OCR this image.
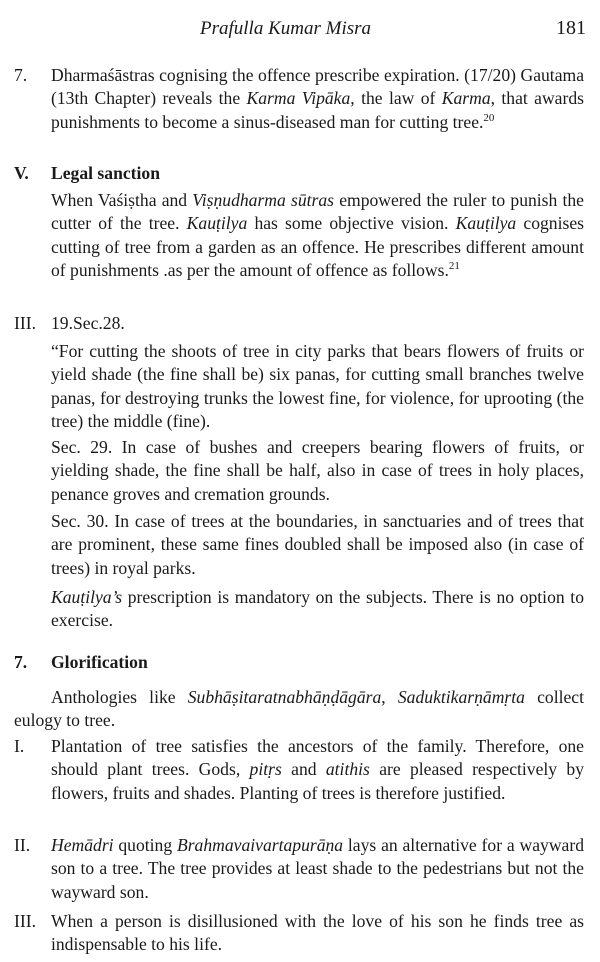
Prafulla Kumar Misra	181
7. Dharmaśāstras cognising the offence prescribe expiration. (17/20) Gautama (13th Chapter) reveals the Karma Vipāka, the law of Karma, that awards punishments to become a sinus-diseased man for cutting tree.$^{20}$
V. Legal sanction
When Vaśiṣtha and Viṣṇudharma sūtras empowered the ruler to punish the cutter of the tree. Kauṭilya has some objective vision. Kauṭilya cognises cutting of tree from a garden as an offence. He prescribes different amount of punishments .as per the amount of offence as follows.$^{21}$
III. 19.Sec.28.
“For cutting the shoots of tree in city parks that bears flowers of fruits or yield shade (the fine shall be) six panas, for cutting small branches twelve panas, for destroying trunks the lowest fine, for violence, for uprooting (the tree) the middle (fine).
Sec. 29. In case of bushes and creepers bearing flowers of fruits, or yielding shade, the fine shall be half, also in case of trees in holy places, penance groves and cremation grounds.
Sec. 30. In case of trees at the boundaries, in sanctuaries and of trees that are prominent, these same fines doubled shall be imposed also (in case of trees) in royal parks.
Kauṭilya’s prescription is mandatory on the subjects. There is no option to exercise.
7. Glorification
Anthologies like Subhāṣitaratnabhāṇḍāgāra, Saduktikarṇāmṛta collect eulogy to tree.
I. Plantation of tree satisfies the ancestors of the family. Therefore, one should plant trees. Gods, pitṛs and atithis are pleased respectively by flowers, fruits and shades. Planting of trees is therefore justified.
II. Hemādri quoting Brahmavaivartapurāṇa lays an alternative for a wayward son to a tree. The tree provides at least shade to the pedestrians but not the wayward son.
III. When a person is disillusioned with the love of his son he finds tree as indispensable to his life.
